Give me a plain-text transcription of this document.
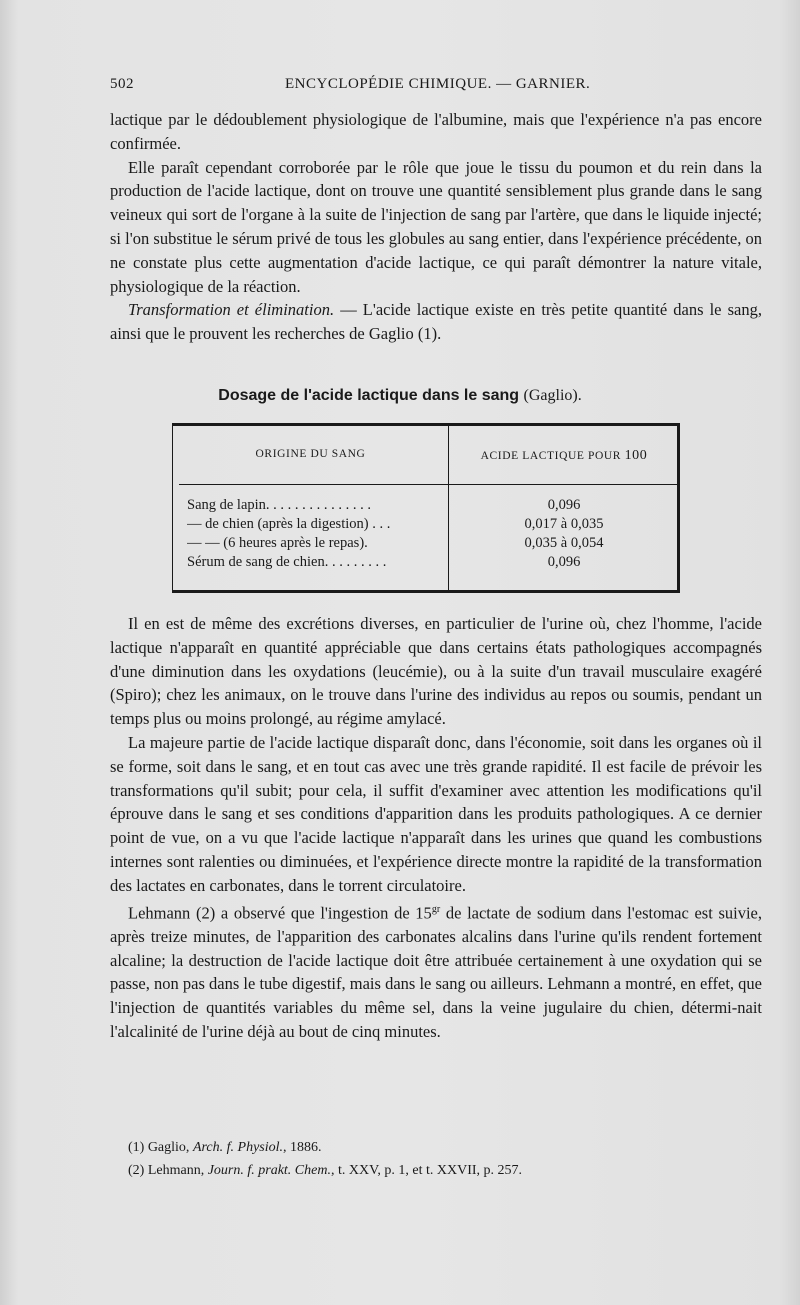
502	ENCYCLOPÉDIE CHIMIQUE. — GARNIER.

lactique par le dédoublement physiologique de l'albumine, mais que l'expérience n'a pas encore confirmée.

Elle paraît cependant corroborée par le rôle que joue le tissu du poumon et du rein dans la production de l'acide lactique, dont on trouve une quantité sensiblement plus grande dans le sang veineux qui sort de l'organe à la suite de l'injection de sang par l'artère, que dans le liquide injecté; si l'on substitue le sérum privé de tous les globules au sang entier, dans l'expérience précédente, on ne constate plus cette augmentation d'acide lactique, ce qui paraît démontrer la nature vitale, physiologique de la réaction.

Transformation et élimination. — L'acide lactique existe en très petite quantité dans le sang, ainsi que le prouvent les recherches de Gaglio (1).

Dosage de l'acide lactique dans le sang (Gaglio).
ORIGINE DU SANG	ACIDE LACTIQUE POUR 100
Sang de lapin. . . . . . . . . . . . . . .	0,096
— de chien (après la digestion) . . .	0,017 à 0,035
— — (6 heures après le repas).	0,035 à 0,054
Sérum de sang de chien. . . . . . . . .	0,096

Il en est de même des excrétions diverses, en particulier de l'urine où, chez l'homme, l'acide lactique n'apparaît en quantité appréciable que dans certains états pathologiques accompagnés d'une diminution dans les oxydations (leucémie), ou à la suite d'un travail musculaire exagéré (Spiro); chez les animaux, on le trouve dans l'urine des individus au repos ou soumis, pendant un temps plus ou moins prolongé, au régime amylacé.

La majeure partie de l'acide lactique disparaît donc, dans l'économie, soit dans les organes où il se forme, soit dans le sang, et en tout cas avec une très grande rapidité. Il est facile de prévoir les transformations qu'il subit; pour cela, il suffit d'examiner avec attention les modifications qu'il éprouve dans le sang et ses conditions d'apparition dans les produits pathologiques. A ce dernier point de vue, on a vu que l'acide lactique n'apparaît dans les urines que quand les combustions internes sont ralenties ou diminuées, et l'expérience directe montre la rapidité de la transformation des lactates en carbonates, dans le torrent circulatoire.

Lehmann (2) a observé que l'ingestion de $15^{gr}$ de lactate de sodium dans l'estomac est suivie, après treize minutes, de l'apparition des carbonates alcalins dans l'urine qu'ils rendent fortement alcaline; la destruction de l'acide lactique doit être attribuée certainement à une oxydation qui se passe, non pas dans le tube digestif, mais dans le sang ou ailleurs. Lehmann a montré, en effet, que l'injection de quantités variables du même sel, dans la veine jugulaire du chien, détermi-nait l'alcalinité de l'urine déjà au bout de cinq minutes.

(1) Gaglio, Arch. f. Physiol., 1886.
(2) Lehmann, Journ. f. prakt. Chem., t. XXV, p. 1, et t. XXVII, p. 257.
